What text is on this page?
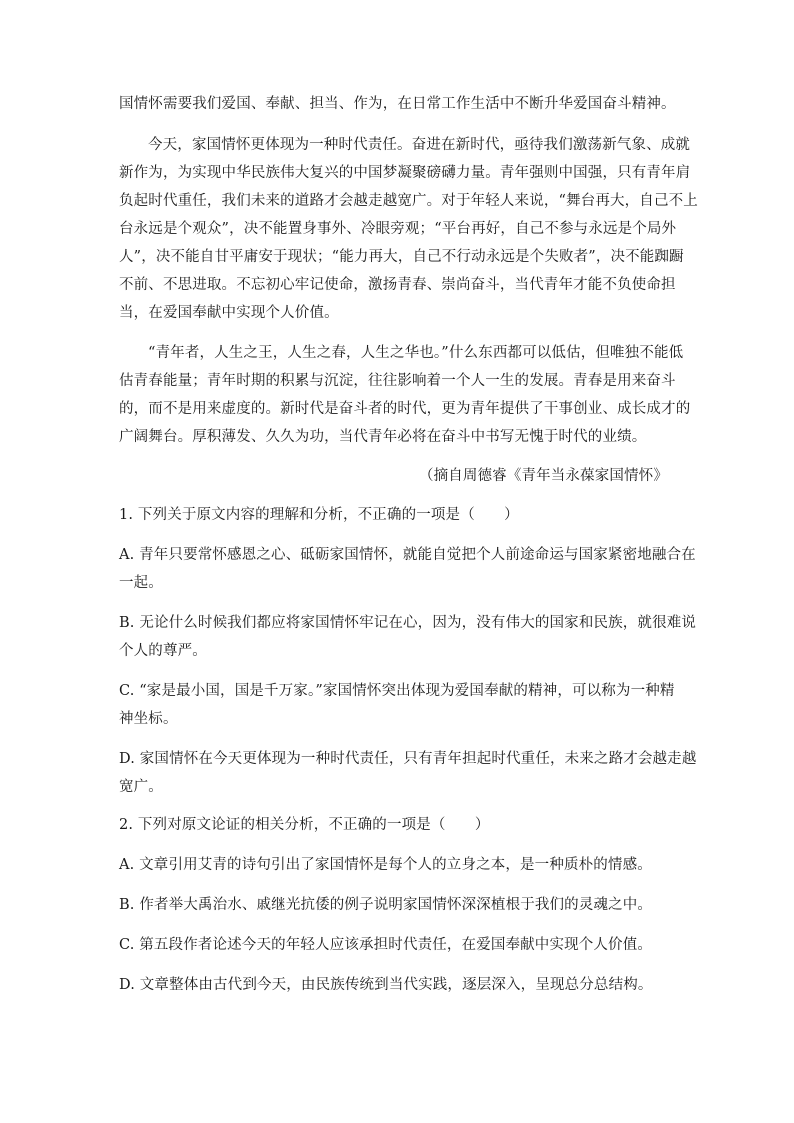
国情怀需要我们爱国、奉献、担当、作为，在日常工作生活中不断升华爱国奋斗精神。
今天，家国情怀更体现为一种时代责任。奋进在新时代，亟待我们激荡新气象、成就
新作为，为实现中华民族伟大复兴的中国梦凝聚磅礴力量。青年强则中国强，只有青年肩
负起时代重任，我们未来的道路才会越走越宽广。对于年轻人来说，“舞台再大，自己不上
台永远是个观众”，决不能置身事外、冷眼旁观；“平台再好，自己不参与永远是个局外
人”，决不能自甘平庸安于现状；“能力再大，自己不行动永远是个失败者”，决不能踟蹰
不前、不思进取。不忘初心牢记使命，激扬青春、崇尚奋斗，当代青年才能不负使命担
当，在爱国奉献中实现个人价值。
“青年者，人生之王，人生之春，人生之华也。”什么东西都可以低估，但唯独不能低
估青春能量；青年时期的积累与沉淀，往往影响着一个人一生的发展。青春是用来奋斗
的，而不是用来虚度的。新时代是奋斗者的时代，更为青年提供了干事创业、成长成才的
广阔舞台。厚积薄发、久久为功，当代青年必将在奋斗中书写无愧于时代的业绩。
（摘自周德睿《青年当永葆家国情怀》
1. 下列关于原文内容的理解和分析，不正确的一项是（　　）
A. 青年只要常怀感恩之心、砥砺家国情怀，就能自觉把个人前途命运与国家紧密地融合在
一起。
B. 无论什么时候我们都应将家国情怀牢记在心，因为，没有伟大的国家和民族，就很难说
个人的尊严。
C. “家是最小国，国是千万家。”家国情怀突出体现为爱国奉献的精神，可以称为一种精
神坐标。
D. 家国情怀在今天更体现为一种时代责任，只有青年担起时代重任，未来之路才会越走越
宽广。
2. 下列对原文论证的相关分析，不正确的一项是（　　）
A. 文章引用艾青的诗句引出了家国情怀是每个人的立身之本，是一种质朴的情感。
B. 作者举大禹治水、戚继光抗倭的例子说明家国情怀深深植根于我们的灵魂之中。
C. 第五段作者论述今天的年轻人应该承担时代责任，在爱国奉献中实现个人价值。
D. 文章整体由古代到今天，由民族传统到当代实践，逐层深入，呈现总分总结构。
